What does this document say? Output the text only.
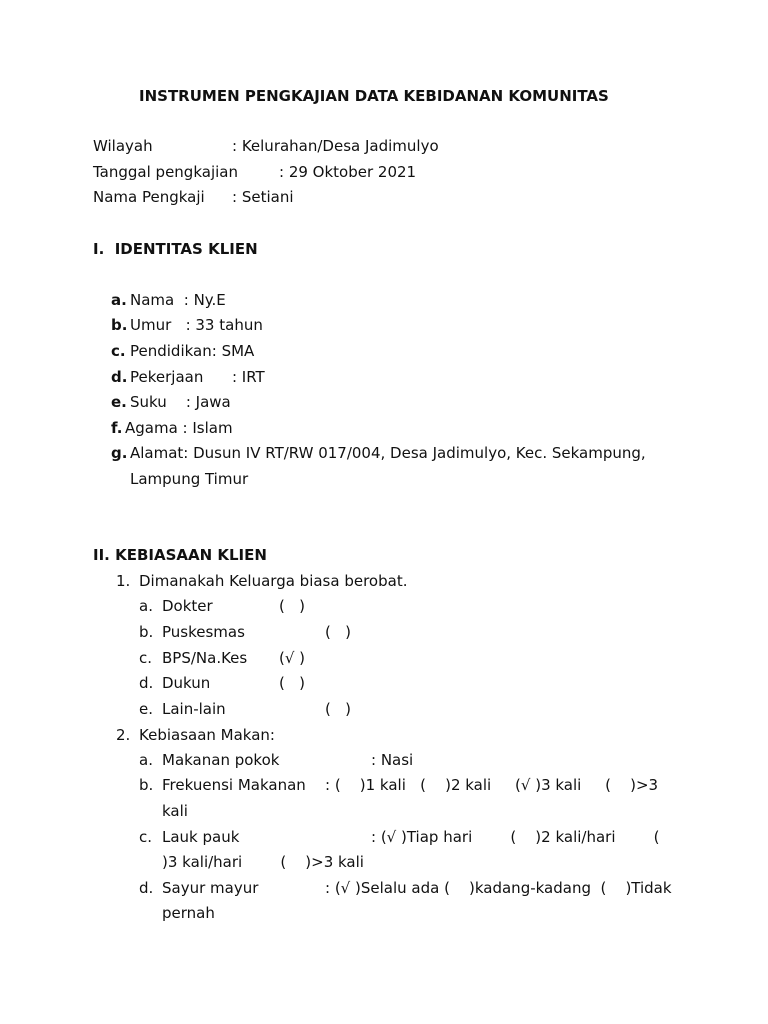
INSTRUMEN PENGKAJIAN DATA KEBIDANAN KOMUNITAS
Wilayah	: Kelurahan/Desa Jadimulyo
Tanggal pengkajian	: 29 Oktober 2021
Nama Pengkaji : Setiani
I.  IDENTITAS KLIEN
a. Nama  : Ny.E
b. Umur   : 33 tahun
c. Pendidikan: SMA
d. Pekerjaan      : IRT
e. Suku    : Jawa
f. Agama : Islam
g. Alamat: Dusun IV RT/RW 017/004, Desa Jadimulyo, Kec. Sekampung,
Lampung Timur
II. KEBIASAAN KLIEN
1. Dimanakah Keluarga biasa berobat.
a. Dokter	(   )
b. Puskesmas	(   )
c. BPS/Na.Kes (√ )
d. Dukun	(   )
e. Lain-lain	(   )
2. Kebiasaan Makan:
a. Makanan pokok	: Nasi
b. Frekuensi Makanan : (    )1 kali   (    )2 kali     (√ )3 kali     (    )>3
kali
c. Lauk pauk	: (√ )Tiap hari        (    )2 kali/hari        (
)3 kali/hari        (    )>3 kali
d. Sayur mayur	: (√ )Selalu ada (    )kadang-kadang  (    )Tidak
pernah
